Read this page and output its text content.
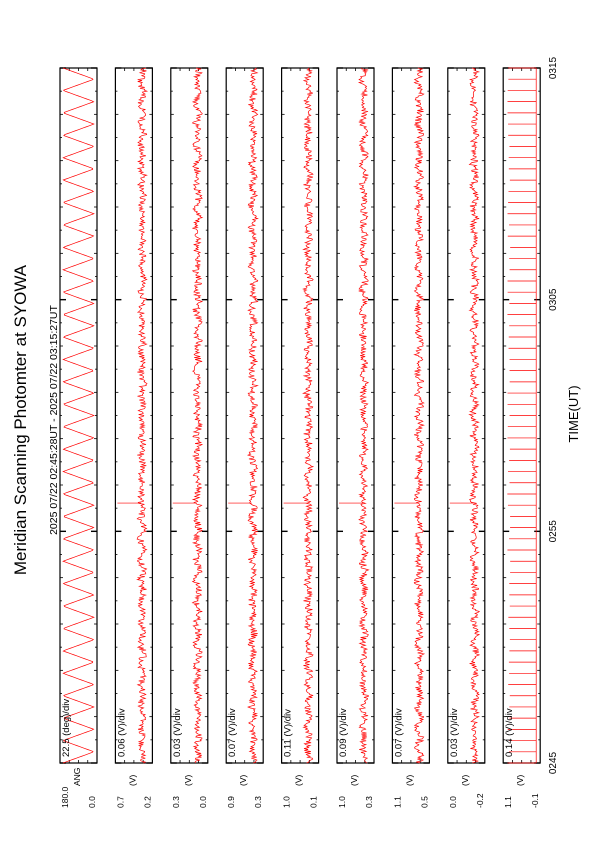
Meridian Scanning Photomter at SYOWA 2025 07/22 02:45:28UT - 2025 07/22 03:15:27UT	TIME(UT)
22.5 (deg)/div
180.0
ANG
0.0
0.06 (V)/div
0.7
(V)
0.2
0.03 (V)/div
0.3
(V)
0.0
0.07 (V)/div
0.9
(V)
0.3
0.11 (V)/div
1.0
(V)
0.1
0.09 (V)/div
1.0
(V)
0.3
0.07 (V)/div
1.1
(V)
0.5
0.03 (V)/div
0.0
(V)
-0.2
0.14 (V)/div
1.1
(V)
-0.1
0245
0255
0305
0315
